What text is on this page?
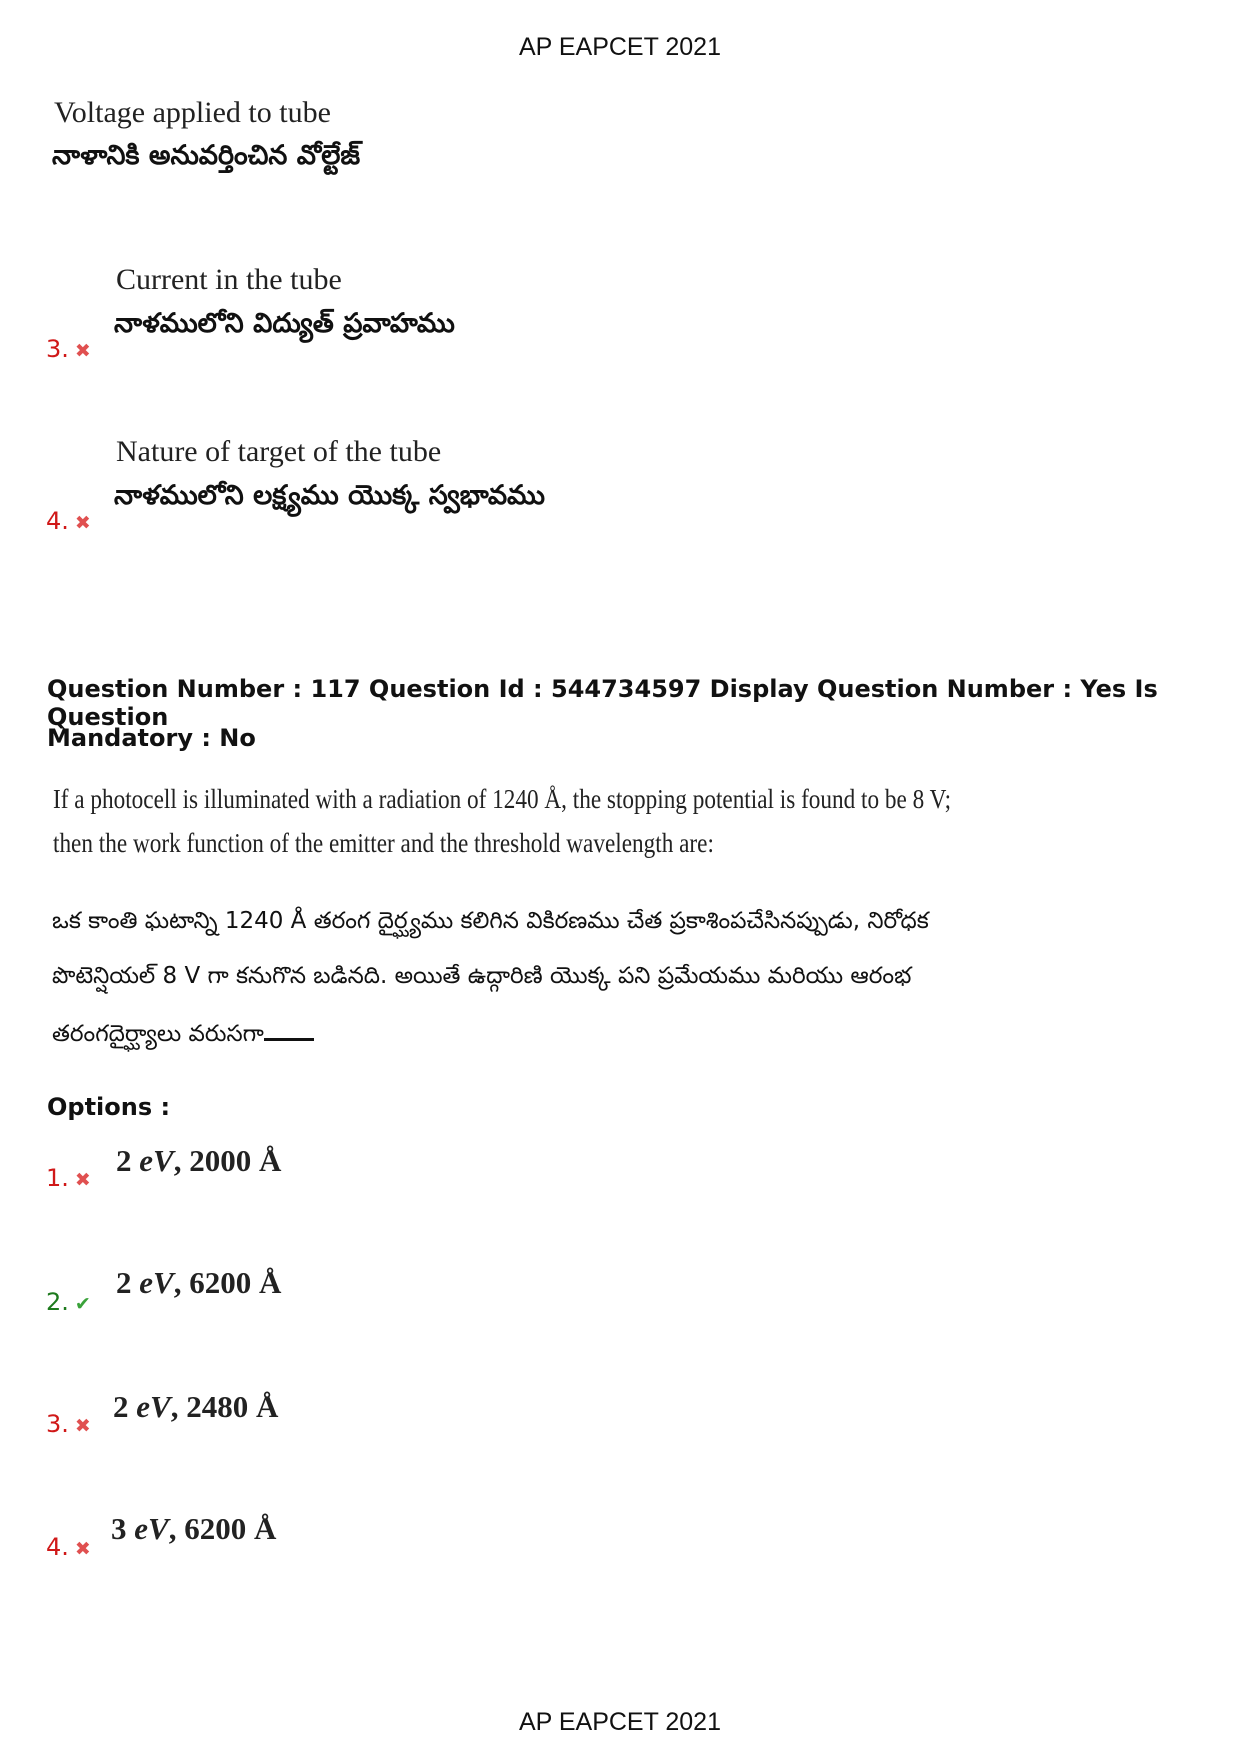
AP EAPCET 2021
Voltage applied to tube
నాళానికి అనువర్తించిన వోల్టేజ్
Current in the tube
నాళములోని విద్యుత్ ప్రవాహము
3. ✖
Nature of target of the tube
నాళములోని లక్ష్యము యొక్క స్వభావము
4. ✖
Question Number : 117 Question Id : 544734597 Display Question Number : Yes Is Question
Mandatory : No
If a photocell is illuminated with a radiation of 1240 Å, the stopping potential is found to be 8 V;
then the work function of the emitter and the threshold wavelength are:
ఒక కాంతి ఘటాన్ని 1240 Å తరంగ దైర్ఘ్యము కలిగిన వికిరణము చేత ప్రకాశింపచేసినప్పుడు, నిరోధక
పొటెన్షియల్ 8 V గా కనుగొన బడినది. అయితే ఉద్గారిణి యొక్క పని ప్రమేయము మరియు ఆరంభ
తరంగదైర్ఘ్యాలు వరుసగా
Options :
1. ✖
2 eV, 2000 Å
2. ✔
2 eV, 6200 Å
3. ✖
2 eV, 2480 Å
4. ✖
3 eV, 6200 Å
AP EAPCET 2021
